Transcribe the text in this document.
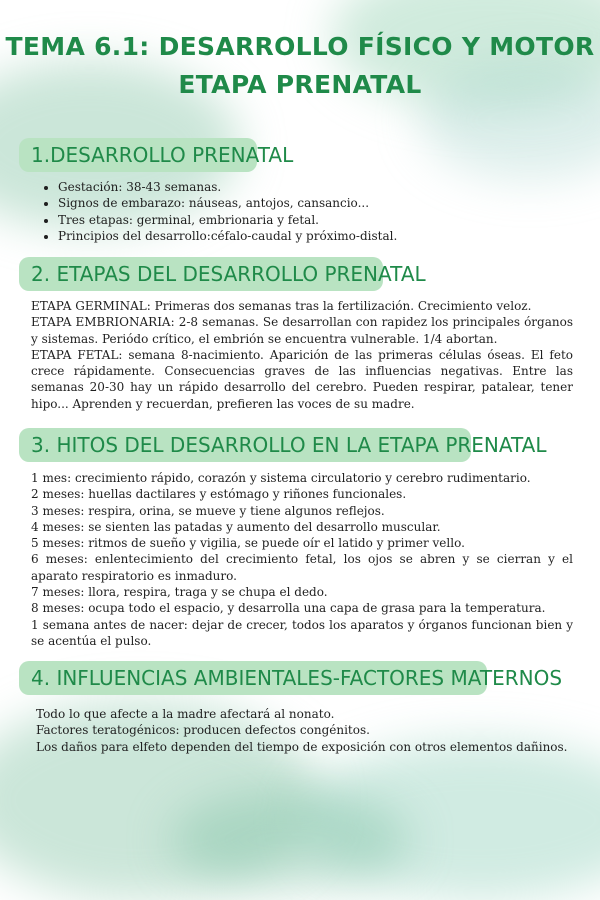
TEMA 6.1: DESARROLLO FÍSICO Y MOTOR
ETAPA PRENATAL
1.DESARROLLO PRENATAL
• Gestación: 38-43 semanas.
• Signos de embarazo: náuseas, antojos, cansancio...
• Tres etapas: germinal, embrionaria y fetal.
• Principios del desarrollo:céfalo-caudal y próximo-distal.
2. ETAPAS DEL DESARROLLO PRENATAL

ETAPA GERMINAL: Primeras dos semanas tras la fertilización. Crecimiento veloz.

ETAPA EMBRIONARIA: 2-8 semanas. Se desarrollan con rapidez los principales órganos y sistemas. Periódo crítico, el embrión se encuentra vulnerable. 1/4 abortan.

ETAPA FETAL: semana 8-nacimiento. Aparición de las primeras células óseas. El feto crece rápidamente. Consecuencias graves de las influencias negativas. Entre las semanas 20-30 hay un rápido desarrollo del cerebro. Pueden respirar, patalear, tener hipo... Aprenden y recuerdan, prefieren las voces de su madre.

3. HITOS DEL DESARROLLO EN LA ETAPA PRENATAL

1 mes: crecimiento rápido, corazón y sistema circulatorio y cerebro rudimentario.

2 meses: huellas dactilares y estómago y riñones funcionales.

3 meses: respira, orina, se mueve y tiene algunos reflejos.

4 meses: se sienten las patadas y aumento del desarrollo muscular.

5 meses: ritmos de sueño y vigilia, se puede oír el latido y primer vello.

6 meses: enlentecimiento del crecimiento fetal, los ojos se abren y se cierran y el aparato respiratorio es inmaduro.

7 meses: llora, respira, traga y se chupa el dedo.

8 meses: ocupa todo el espacio, y desarrolla una capa de grasa para la temperatura.

1 semana antes de nacer: dejar de crecer, todos los aparatos y órganos funcionan bien y se acentúa el pulso.

4. INFLUENCIAS AMBIENTALES-FACTORES MATERNOS

Todo lo que afecte a la madre afectará al nonato.

Factores teratogénicos: producen defectos congénitos.

Los daños para elfeto dependen del tiempo de exposición con otros elementos dañinos.
